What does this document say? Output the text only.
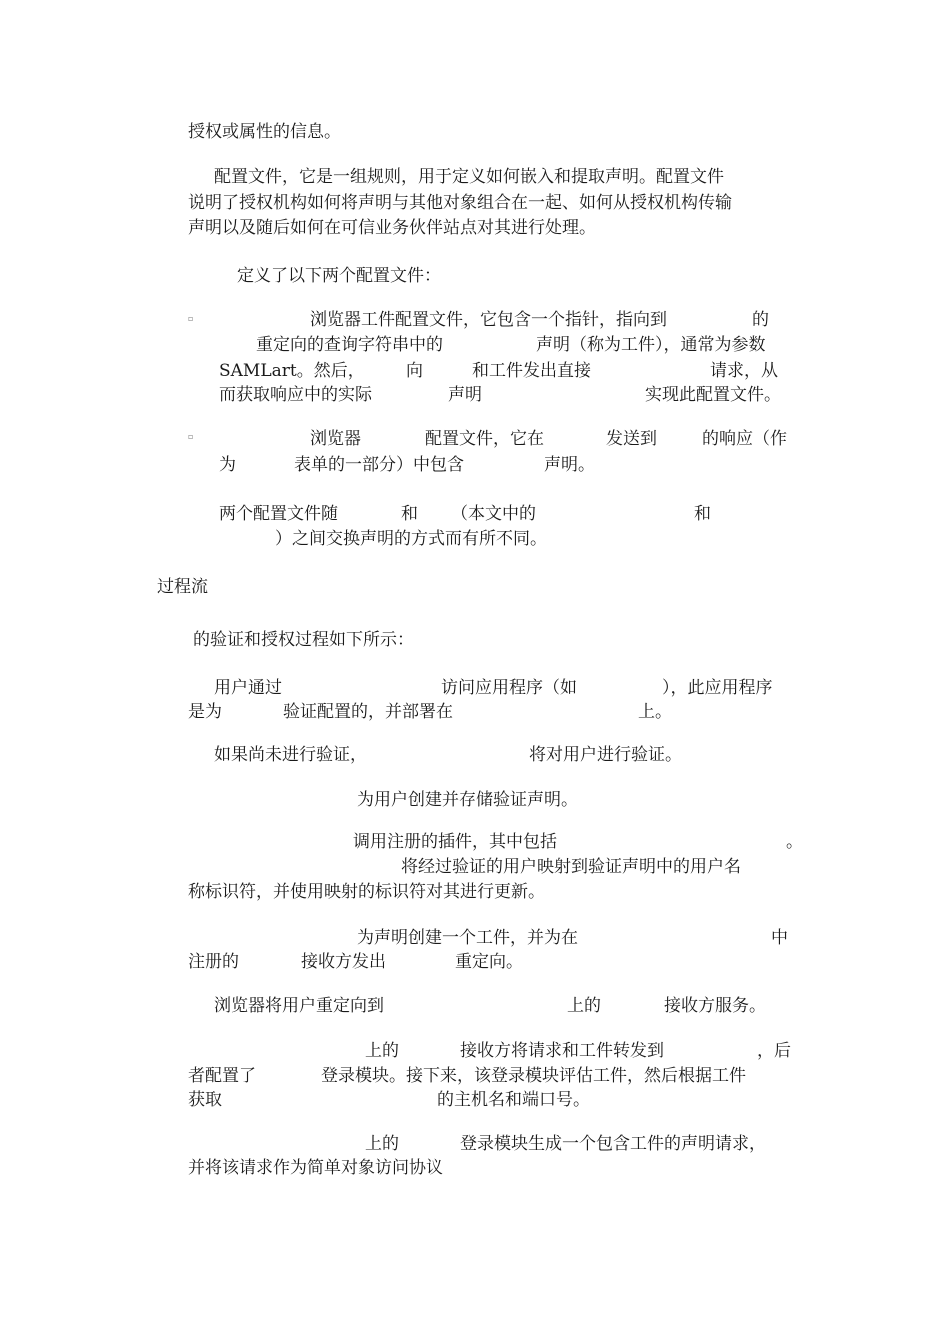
授权或属性的信息。
配置文件，它是一组规则，用于定义如何嵌入和提取声明。配置文件
说明了授权机构如何将声明与其他对象组合在一起、如何从授权机构传输
声明以及随后如何在可信业务伙伴站点对其进行处理。
定义了以下两个配置文件：
▫	浏览器工件配置文件，它包含一个指针，指向到	的
重定向的查询字符串中的	声明（称为工件），通常为参数
SAMLart。然后， 向	和工件发出直接	请求，从
而获取响应中的实际	声明	实现此配置文件。
▫	浏览器	配置文件，它在	发送到	的响应（作
为	表单的一部分）中包含	声明。
两个配置文件随	和 （本文中的	和
）之间交换声明的方式而有所不同。
过程流
的验证和授权过程如下所示：
用户通过	访问应用程序（如	），此应用程序
是为	验证配置的，并部署在	上。
如果尚未进行验证，	将对用户进行验证。
为用户创建并存储验证声明。
调用注册的插件，其中包括	。
将经过验证的用户映射到验证声明中的用户名
称标识符，并使用映射的标识符对其进行更新。
为声明创建一个工件，并为在	中
注册的	接收方发出	重定向。
浏览器将用户重定向到	上的	接收方服务。
上的	接收方将请求和工件转发到	，后
者配置了	登录模块。接下来，该登录模块评估工件，然后根据工件
获取	的主机名和端口号。
上的	登录模块生成一个包含工件的声明请求，
并将该请求作为简单对象访问协议
